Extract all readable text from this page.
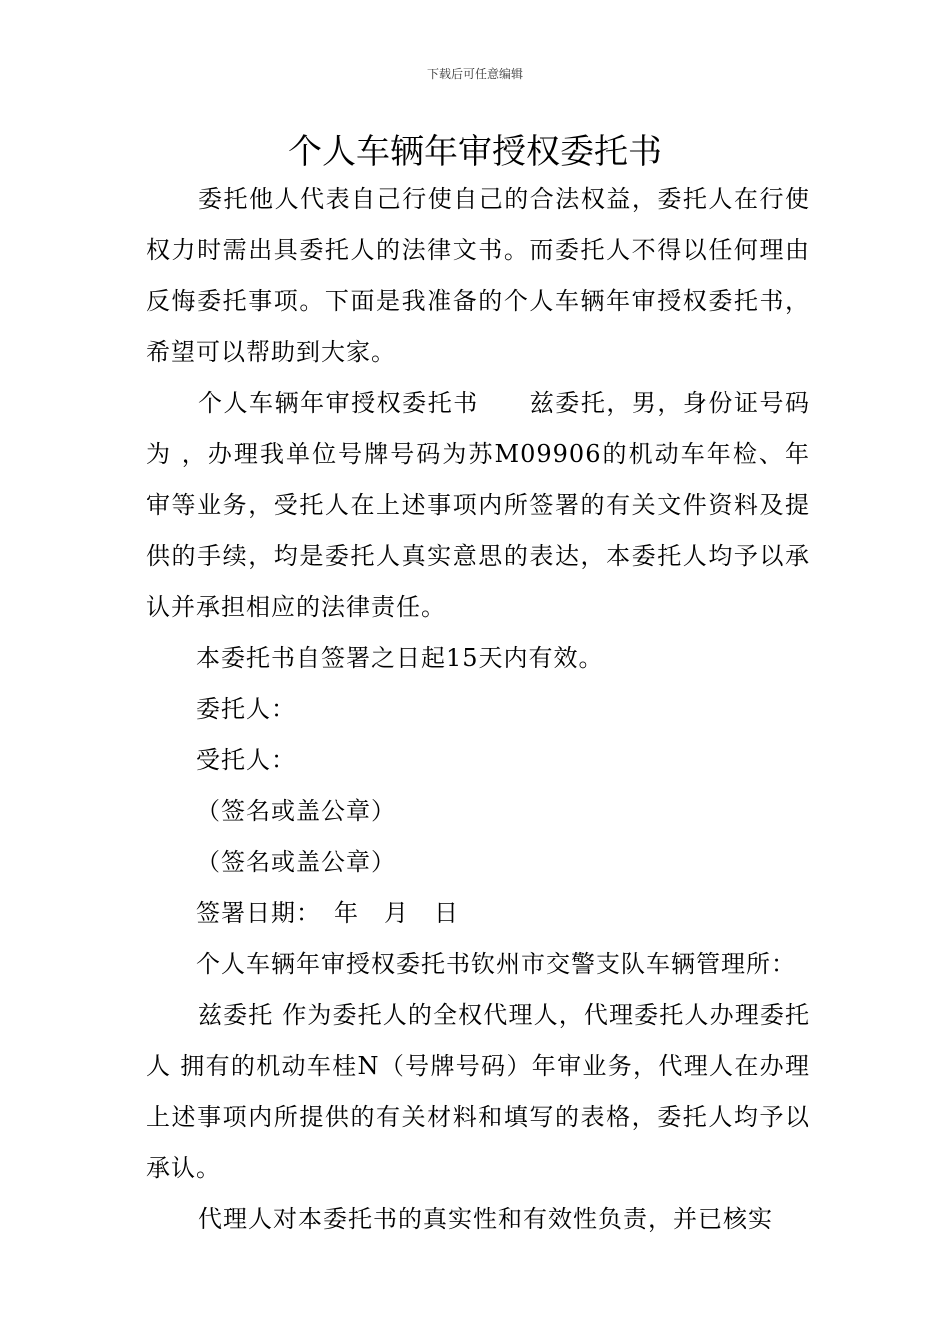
下载后可任意编辑
个人车辆年审授权委托书

委托他人代表自己行使自己的合法权益，委托人在行使权力时需出具委托人的法律文书。而委托人不得以任何理由反悔委托事项。下面是我准备的个人车辆年审授权委托书，希望可以帮助到大家。

个人车辆年审授权委托书　　兹委托，男，身份证号码为 ，办理我单位号牌号码为苏M09906的机动车年检、年审等业务，受托人在上述事项内所签署的有关文件资料及提供的手续，均是委托人真实意思的表达，本委托人均予以承认并承担相应的法律责任。

本委托书自签署之日起15天内有效。

委托人：

受托人：

（签名或盖公章）

（签名或盖公章）

签署日期：　年　月　日

个人车辆年审授权委托书钦州市交警支队车辆管理所：

兹委托 作为委托人的全权代理人，代理委托人办理委托人 拥有的机动车桂N（号牌号码）年审业务，代理人在办理上述事项内所提供的有关材料和填写的表格，委托人均予以承认。

代理人对本委托书的真实性和有效性负责，并已核实
